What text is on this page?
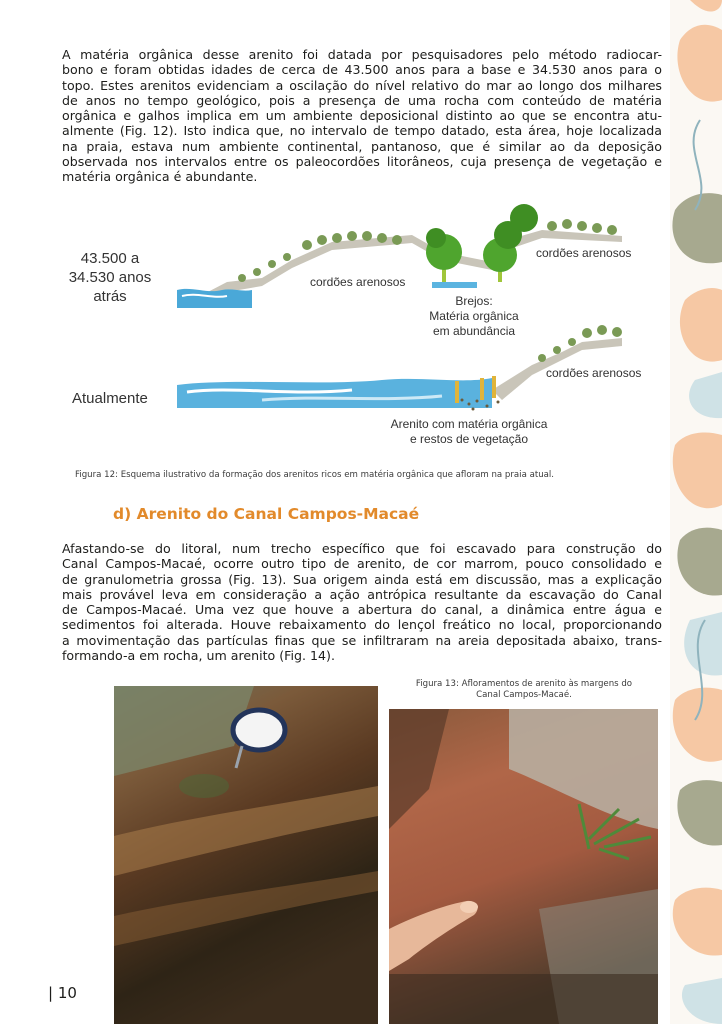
A matéria orgânica desse arenito foi datada por pesquisadores pelo método radiocar-
bono e foram obtidas idades de cerca de 43.500 anos para a base e 34.530 anos para o
topo. Estes arenitos evidenciam a oscilação do nível relativo do mar ao longo dos milhares
de anos no tempo geológico, pois a presença de uma rocha com conteúdo de matéria
orgânica e galhos implica em um ambiente deposicional distinto ao que se encontra atu-
almente (Fig. 12). Isto indica que, no intervalo de tempo datado, esta área, hoje localizada
na praia, estava num ambiente continental, pantanoso, que é similar ao da deposição
observada nos intervalos entre os paleocordões litorâneos, cuja presença de vegetação e
matéria orgânica é abundante.

43.500 a
34.530 anos
atrás
cordões arenosos
cordões arenosos
Brejos:
Matéria orgânica
em abundância
Atualmente
cordões arenosos
Arenito com matéria orgânica
e restos de vegetação
Figura 12: Esquema ilustrativo da formação dos arenitos ricos em matéria orgânica que afloram na praia atual.
d) Arenito do Canal Campos-Macaé

Afastando-se do litoral, num trecho específico que foi escavado para construção do
Canal Campos-Macaé, ocorre outro tipo de arenito, de cor marrom, pouco consolidado e
de granulometria grossa (Fig. 13). Sua origem ainda está em discussão, mas a explicação
mais provável leva em consideração a ação antrópica resultante da escavação do Canal
de Campos-Macaé. Uma vez que houve a abertura do canal, a dinâmica entre água e
sedimentos foi alterada. Houve rebaixamento do lençol freático no local, proporcionando
a movimentação das partículas finas que se infiltraram na areia depositada abaixo, trans-
formando-a em rocha, um arenito (Fig. 14).

Figura 13: Afloramentos de arenito às margens do
Canal Campos-Macaé.
| 10
